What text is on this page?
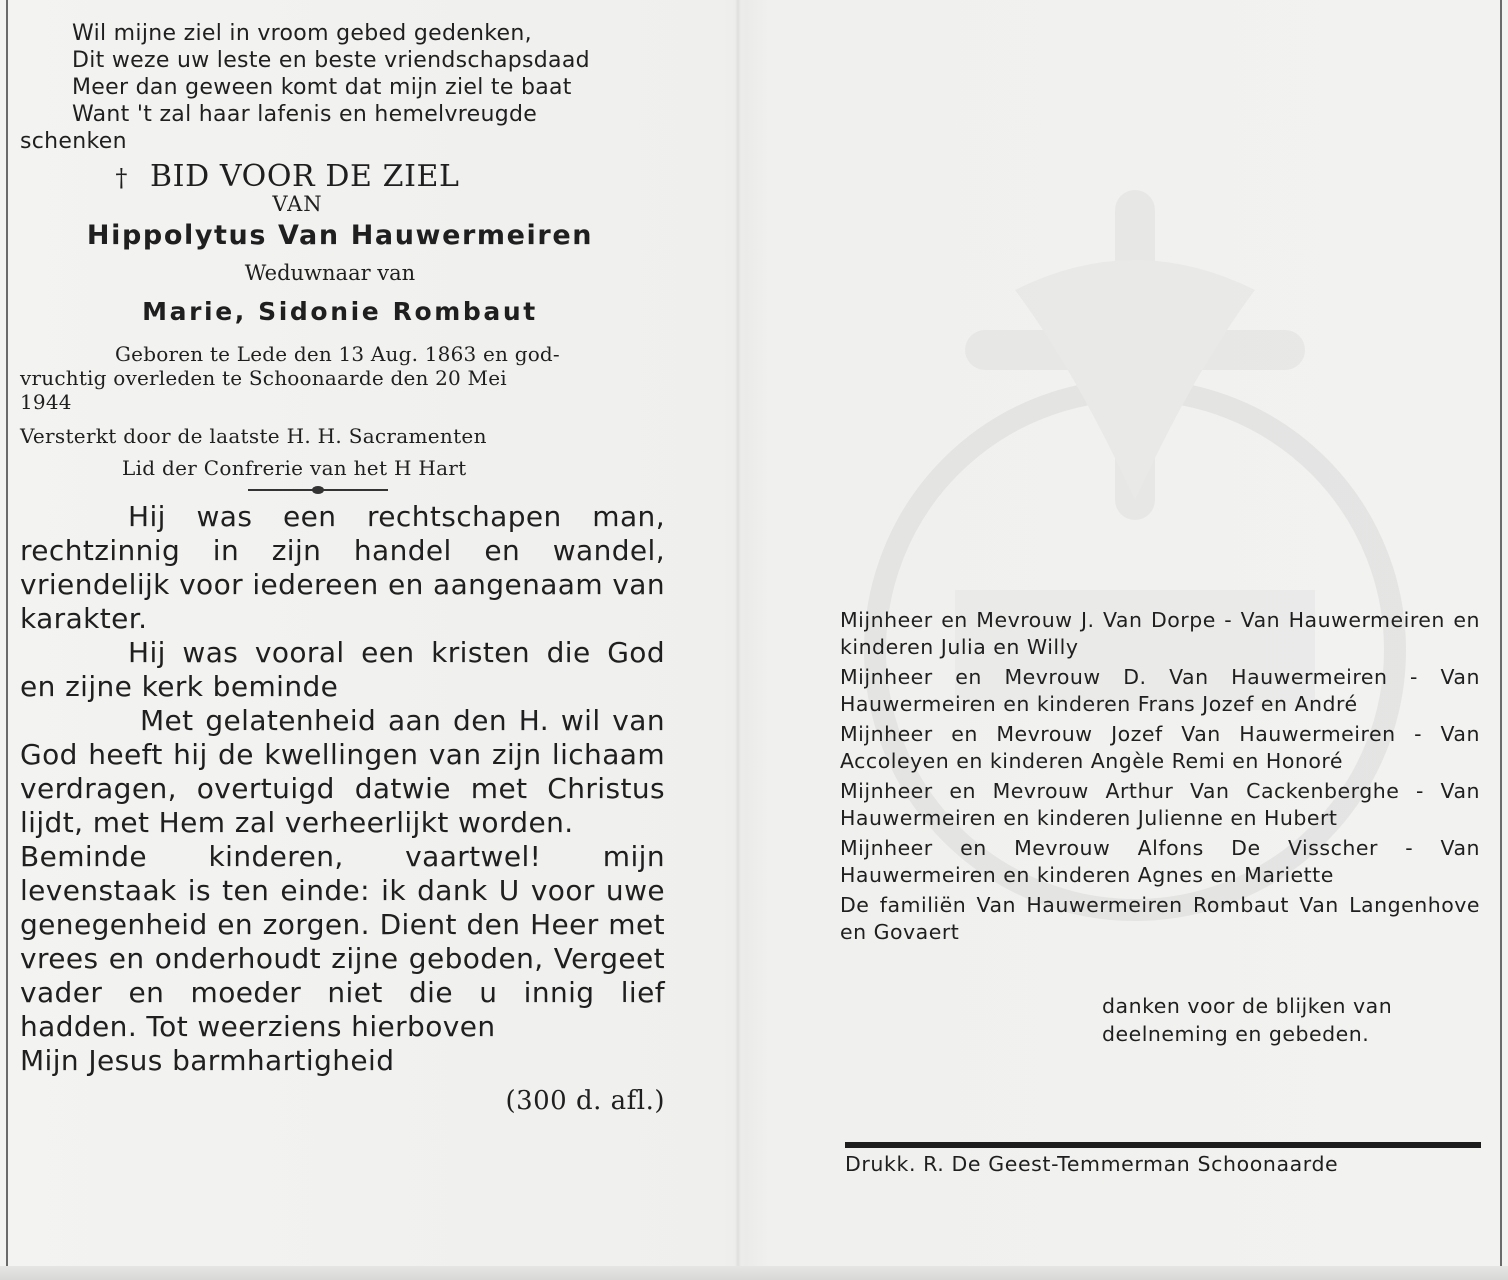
Wil mijne ziel in vroom gebed gedenken,
Dit weze uw leste en beste vriendschapsdaad
Meer dan geween komt dat mijn ziel te baat
Want 't zal haar lafenis en hemelvreugde
schenken
† BID VOOR DE ZIEL
VAN
Hippolytus Van Hauwermeiren
Weduwnaar van
Marie, Sidonie Rombaut
Geboren te Lede den 13 Aug. 1863 en god-
vruchtig overleden te Schoonaarde den 20 Mei
1944
Versterkt door de laatste H. H. Sacramenten
Lid der Confrerie van het H Hart

Hij was een rechtschapen man, rechtzinnig in zijn handel en wandel, vriendelijk voor iedereen en aangenaam van karakter.

Hij was vooral een kristen die God en zijne kerk beminde

Met gelatenheid aan den H. wil van God heeft hij de kwellingen van zijn lichaam verdragen, overtuigd datwie met Christus lijdt, met Hem zal verheerlijkt worden.

Beminde kinderen, vaartwel! mijn levenstaak is ten einde: ik dank U voor uwe genegenheid en zorgen. Dient den Heer met vrees en onderhoudt zijne geboden, Vergeet vader en moeder niet die u innig lief hadden. Tot weerziens hierboven

Mijn Jesus barmhartigheid

(300 d. afl.)

Mijnheer en Mevrouw J. Van Dorpe - Van Hauwermeiren en kinderen Julia en Willy

Mijnheer en Mevrouw D. Van Hauwermeiren - Van Hauwermeiren en kinderen Frans Jozef en André

Mijnheer en Mevrouw Jozef Van Hauwermeiren - Van Accoleyen en kinderen Angèle Remi en Honoré

Mijnheer en Mevrouw Arthur Van Cackenberghe - Van Hauwermeiren en kinderen Julienne en Hubert

Mijnheer en Mevrouw Alfons De Visscher - Van Hauwermeiren en kinderen Agnes en Mariette

De familiën Van Hauwermeiren Rombaut Van Langenhove en Govaert

danken voor de blijken van
deelneming en gebeden.
Drukk. R. De Geest-Temmerman Schoonaarde
